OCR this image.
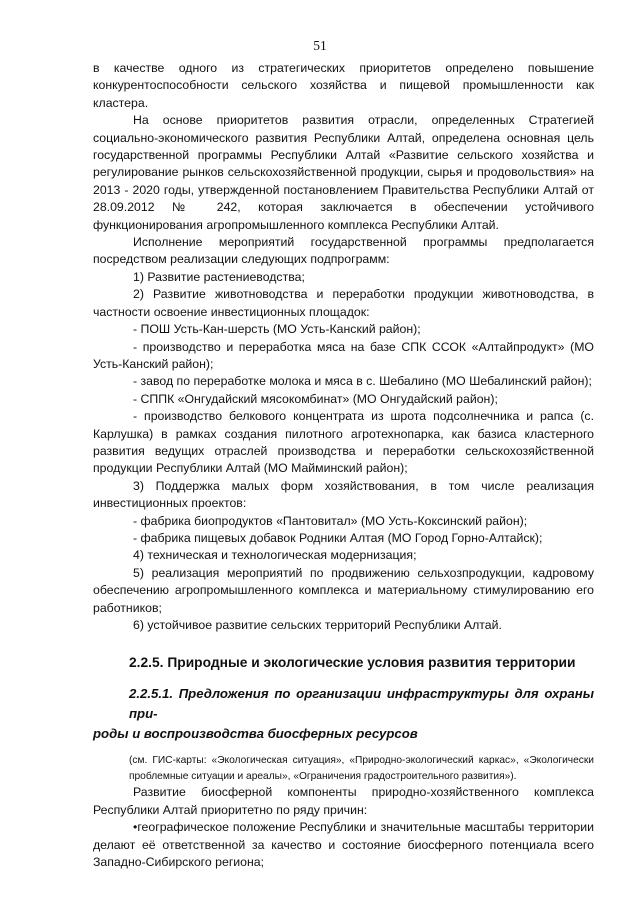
51

в качестве одного из стратегических приоритетов определено повышение конкурентоспособности сельского хозяйства и пищевой промышленности как кластера.

На основе приоритетов развития отрасли, определенных Стратегией социально-экономического развития Республики Алтай, определена основная цель государственной программы Республики Алтай «Развитие сельского хозяйства и регулирование рынков сельскохозяйственной продукции, сырья и продовольствия» на 2013 - 2020 годы, утвержденной постановлением Правительства Республики Алтай от 28.09.2012 № 242, которая заключается в обеспечении устойчивого функционирования агропромышленного комплекса Республики Алтай.

Исполнение мероприятий государственной программы предполагается посредством реализации следующих подпрограмм:

1) Развитие растениеводства;

2) Развитие животноводства и переработки продукции животноводства, в частности освоение инвестиционных площадок:

- ПОШ Усть-Кан-шерсть (МО Усть-Канский район);

- производство и переработка мяса на базе СПК ССОК «Алтайпродукт» (МО Усть-Канский район);

- завод по переработке молока и мяса в с. Шебалино (МО Шебалинский район);

- СППК «Онгудайский мясокомбинат» (МО Онгудайский район);

- производство белкового концентрата из шрота подсолнечника и рапса (с. Карлушка) в рамках создания пилотного агротехнопарка, как базиса кластерного развития ведущих отраслей производства и переработки сельскохозяйственной продукции Республики Алтай (МО Майминский район);

3) Поддержка малых форм хозяйствования, в том числе реализация инвестиционных проектов:

- фабрика биопродуктов «Пантовитал» (МО Усть-Коксинский район);

- фабрика пищевых добавок Родники Алтая (МО Город Горно-Алтайск);

4) техническая и технологическая модернизация;

5) реализация мероприятий по продвижению сельхозпродукции, кадровому обеспечению агропромышленного комплекса и материальному стимулированию его работников;

6) устойчивое развитие сельских территорий Республики Алтай.

2.2.5. Природные и экологические условия развития территории
2.2.5.1. Предложения по организации инфраструктуры для охраны при-
роды и воспроизводства биосферных ресурсов

(см. ГИС-карты: «Экологическая ситуация», «Природно-экологический каркас», «Экологически проблемные ситуации и ареалы», «Ограничения градостроительного развития»).

Развитие биосферной компоненты природно-хозяйственного комплекса Республики Алтай приоритетно по ряду причин:

•географическое положение Республики и значительные масштабы территории делают её ответственной за качество и состояние биосферного потенциала всего Западно-Сибирского региона;
